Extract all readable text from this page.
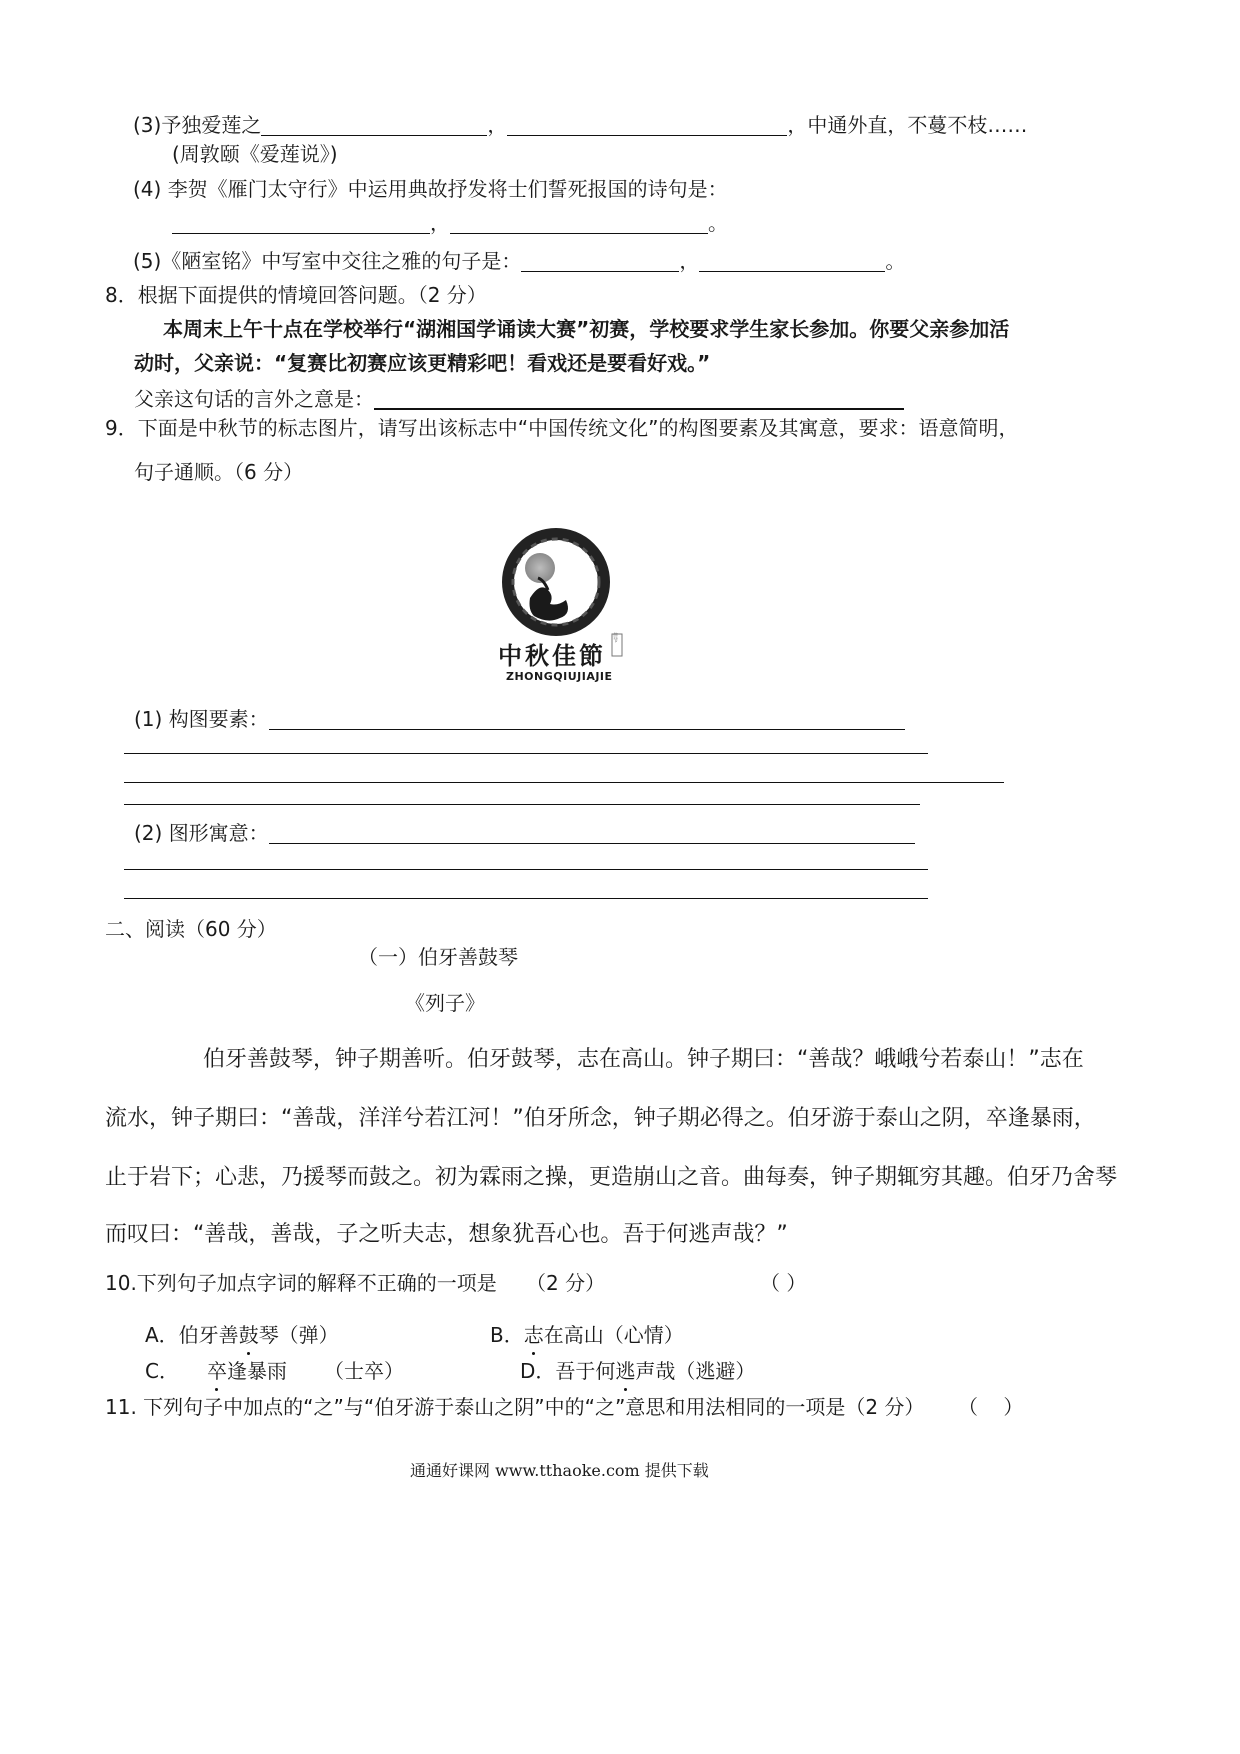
(3)予独爱莲之	，	，中通外直，不蔓不枝……
(周敦颐《爱莲说》)
(4) 李贺《雁门太守行》中运用典故抒发将士们誓死报国的诗句是：
，	。
(5)《陋室铭》中写室中交往之雅的句子是：	，	。
8．根据下面提供的情境回答问题。（2 分）
本周末上午十点在学校举行“湖湘国学诵读大赛”初赛，学校要求学生家长参加。你要父亲参加活
动时，父亲说：“复赛比初赛应该更精彩吧！看戏还是要看好戏。”
父亲这句话的言外之意是：
9．下面是中秋节的标志图片，请写出该标志中“中国传统文化”的构图要素及其寓意，要求：语意简明，
句子通顺。（6 分）
中秋佳節
佳节
ZHONGQIUJIAJIE
(1) 构图要素：
(2) 图形寓意：
二、阅读（60 分）
（一）伯牙善鼓琴
《列子》
伯牙善鼓琴，钟子期善听。伯牙鼓琴，志在高山。钟子期曰：“善哉？峨峨兮若泰山！”志在
流水，钟子期曰：“善哉，洋洋兮若江河！”伯牙所念，钟子期必得之。伯牙游于泰山之阴，卒逢暴雨，
止于岩下；心悲，乃援琴而鼓之。初为霖雨之操，更造崩山之音。曲每奏，钟子期辄穷其趣。伯牙乃舍琴
而叹曰：“善哉，善哉，子之听夫志，想象犹吾心也。吾于何逃声哉？”
10.下列句子加点字词的解释不正确的一项是 （2 分）	（ ）
A．伯牙善鼓琴（弹）	B．志在高山（心情）
C． 卒逢暴雨   （士卒）	D．吾于何逃声哉（逃避）
11. 下列句子中加点的“之”与“伯牙游于泰山之阴”中的“之”意思和用法相同的一项是（2 分） （    ）
通通好课网 www.tthaoke.com 提供下载
